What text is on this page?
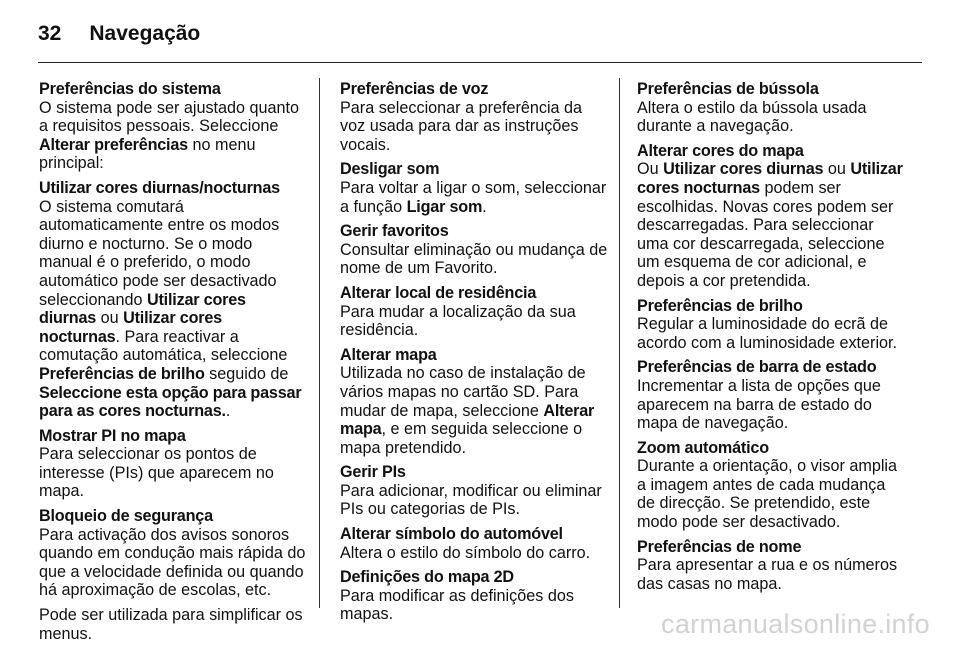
32 Navegação
Preferências do sistema

O sistema pode ser ajustado quanto a requisitos pessoais. Seleccione Alterar preferências no menu principal:

Utilizar cores diurnas/nocturnas

O sistema comutará automaticamente entre os modos diurno e nocturno. Se o modo manual é o preferido, o modo automático pode ser desactivado seleccionando Utilizar cores diurnas ou Utilizar cores nocturnas. Para reactivar a comutação automática, seleccione Preferências de brilho seguido de Seleccione esta opção para passar para as cores nocturnas..

Mostrar PI no mapa

Para seleccionar os pontos de interesse (PIs) que aparecem no mapa.

Bloqueio de segurança

Para activação dos avisos sonoros quando em condução mais rápida do que a velocidade definida ou quando há aproximação de escolas, etc.

Pode ser utilizada para simplificar os menus.

Preferências de voz

Para seleccionar a preferência da voz usada para dar as instruções vocais.

Desligar som

Para voltar a ligar o som, seleccionar a função Ligar som.

Gerir favoritos

Consultar eliminação ou mudança de nome de um Favorito.

Alterar local de residência

Para mudar a localização da sua residência.

Alterar mapa

Utilizada no caso de instalação de vários mapas no cartão SD. Para mudar de mapa, seleccione Alterar mapa, e em seguida seleccione o mapa pretendido.

Gerir PIs

Para adicionar, modificar ou eliminar PIs ou categorias de PIs.

Alterar símbolo do automóvel

Altera o estilo do símbolo do carro.

Definições do mapa 2D

Para modificar as definições dos mapas.

Preferências de bússola

Altera o estilo da bússola usada durante a navegação.

Alterar cores do mapa

Ou Utilizar cores diurnas ou Utilizar cores nocturnas podem ser escolhidas. Novas cores podem ser descarregadas. Para seleccionar uma cor descarregada, seleccione um esquema de cor adicional, e depois a cor pretendida.

Preferências de brilho

Regular a luminosidade do ecrã de acordo com a luminosidade exterior.

Preferências de barra de estado

Incrementar a lista de opções que aparecem na barra de estado do mapa de navegação.

Zoom automático

Durante a orientação, o visor amplia a imagem antes de cada mudança de direcção. Se pretendido, este modo pode ser desactivado.

Preferências de nome

Para apresentar a rua e os números das casas no mapa.

carmanualsonline.info
